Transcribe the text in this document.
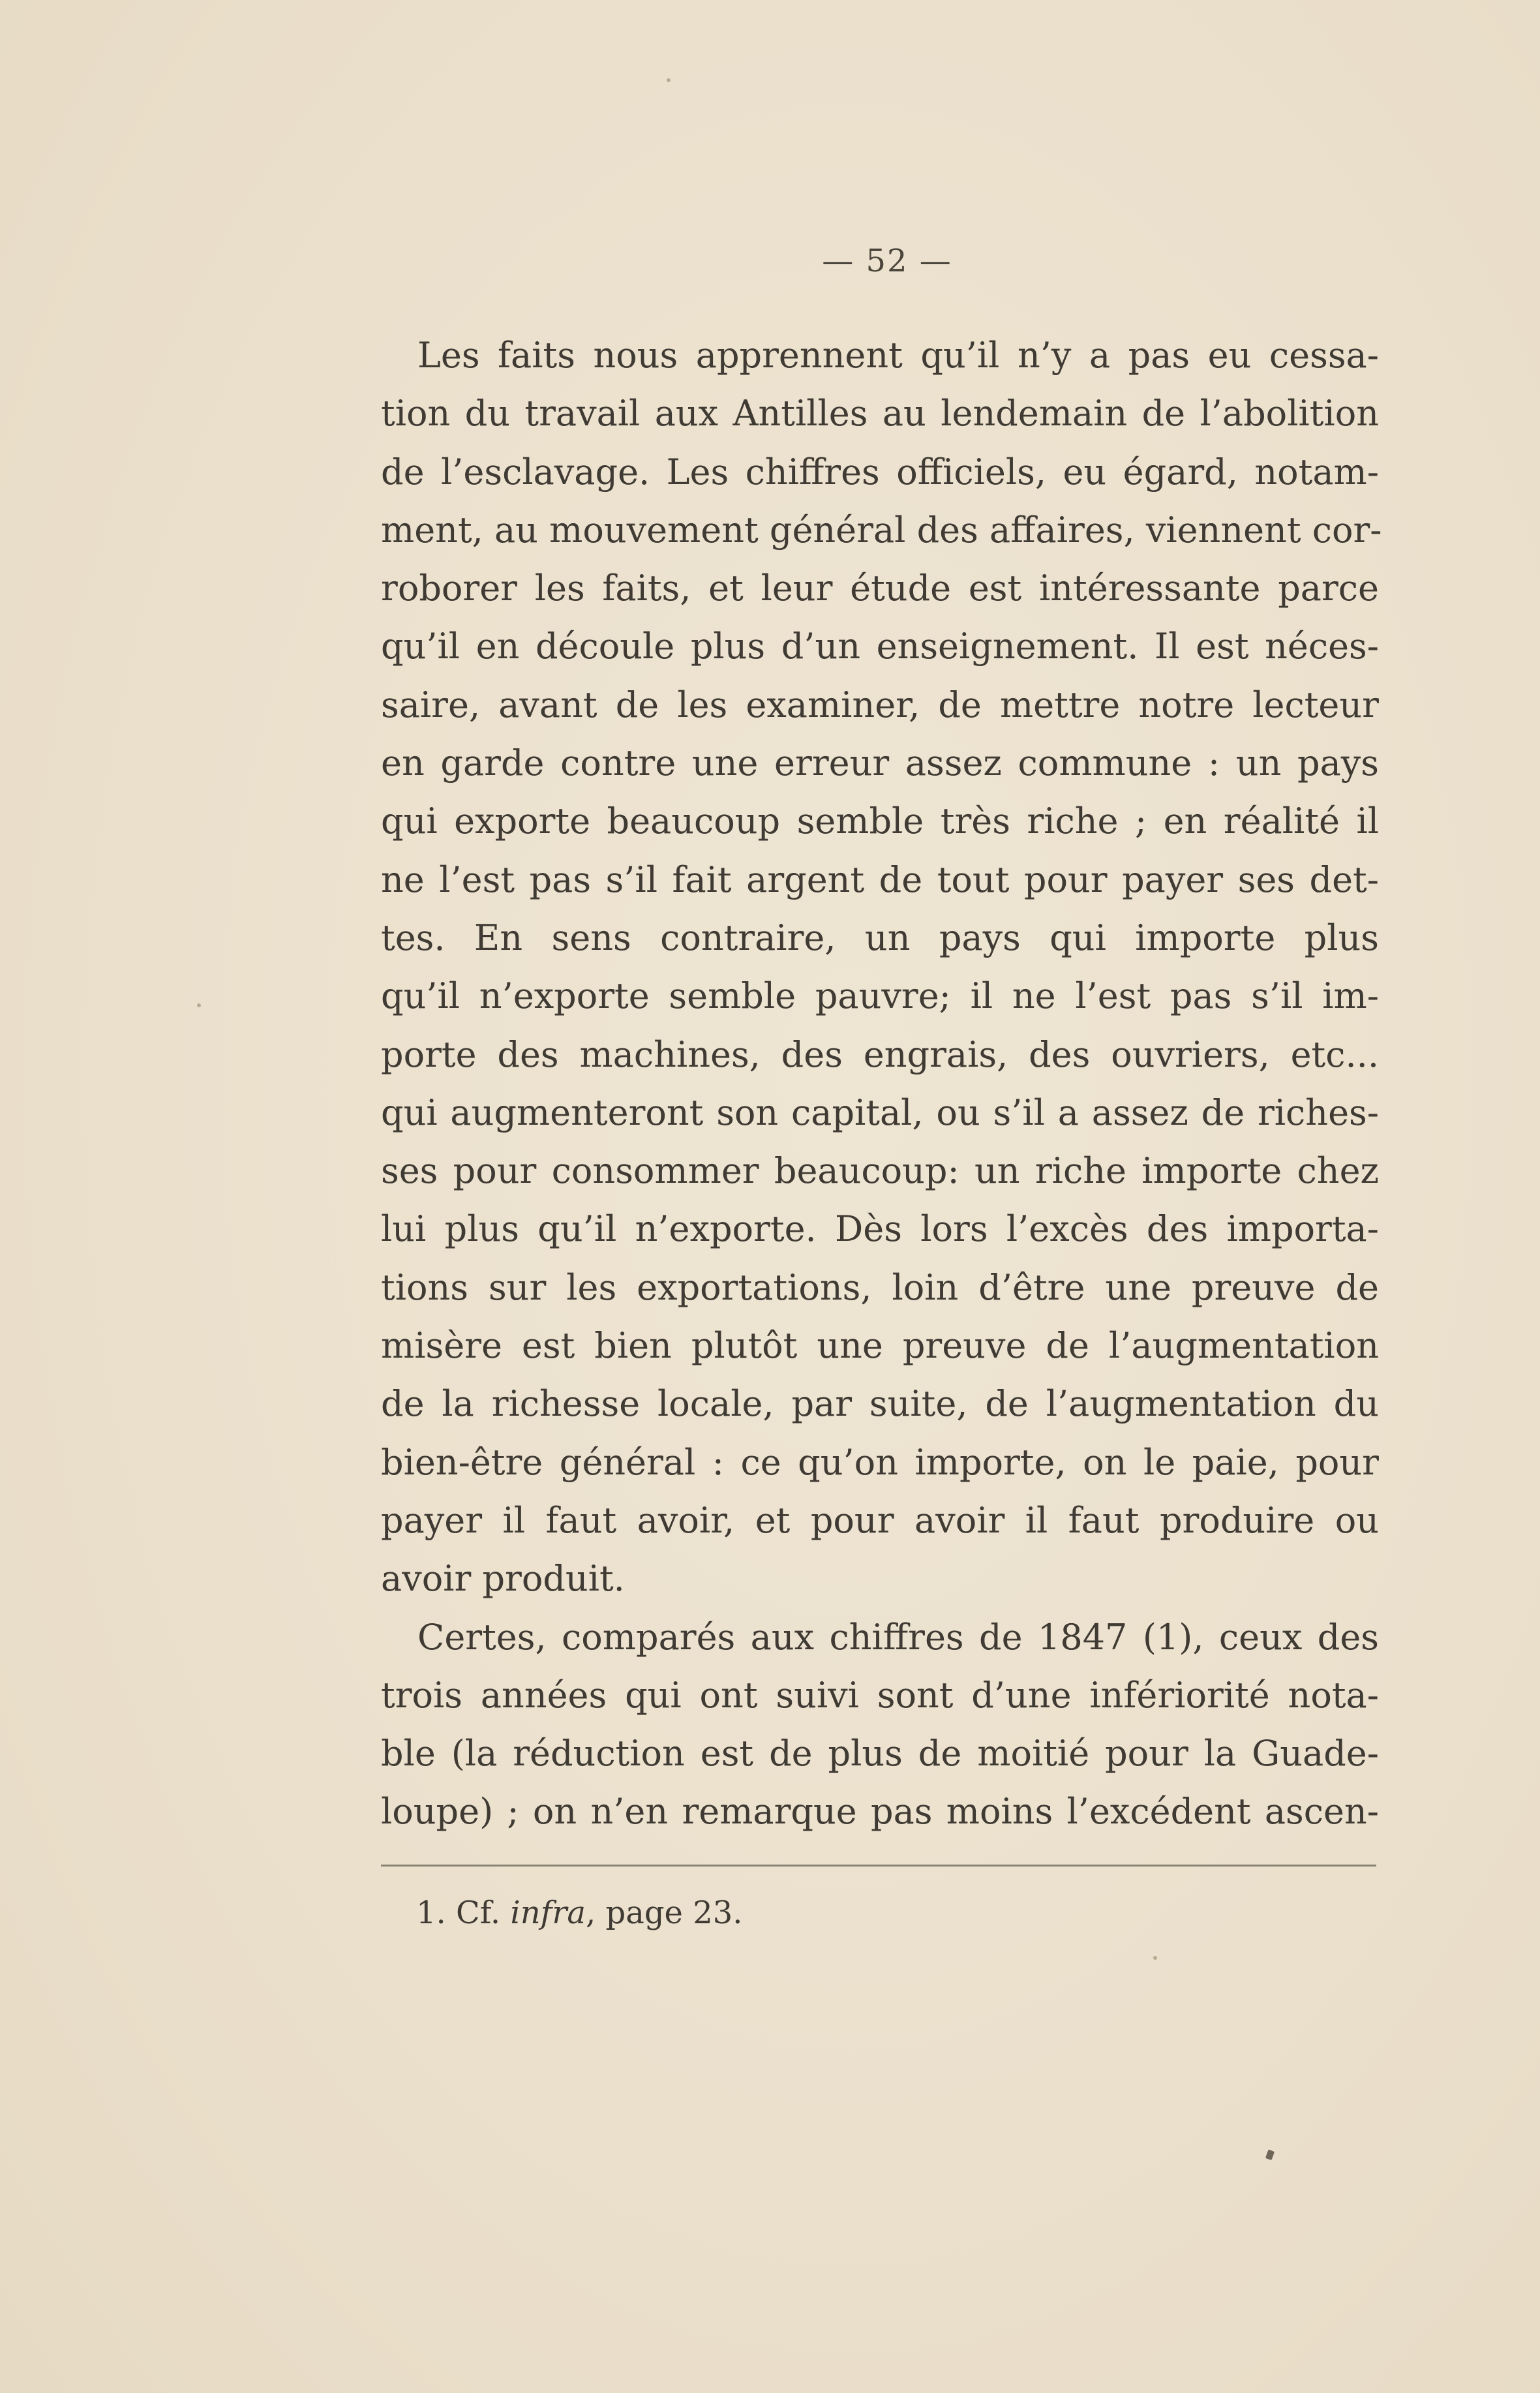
— 52 —
Les faits nous apprennent qu’il n’y a pas eu cessa-
tion du travail aux Antilles au lendemain de l’abolition
de l’esclavage. Les chiffres officiels, eu égard, notam-
ment, au mouvement général des affaires, viennent cor-
roborer les faits, et leur étude est intéressante parce
qu’il en découle plus d’un enseignement. Il est néces-
saire, avant de les examiner, de mettre notre lecteur
en garde contre une erreur assez commune : un pays
qui exporte beaucoup semble très riche ; en réalité il
ne l’est pas s’il fait argent de tout pour payer ses det-
tes. En sens contraire, un pays qui importe plus
qu’il n’exporte semble pauvre; il ne l’est pas s’il im-
porte des machines, des engrais, des ouvriers, etc...
qui augmenteront son capital, ou s’il a assez de riches-
ses pour consommer beaucoup: un riche importe chez
lui plus qu’il n’exporte. Dès lors l’excès des importa-
tions sur les exportations, loin d’être une preuve de
misère est bien plutôt une preuve de l’augmentation
de la richesse locale, par suite, de l’augmentation du
bien-être général : ce qu’on importe, on le paie, pour
payer il faut avoir, et pour avoir il faut produire ou
avoir produit.
Certes, comparés aux chiffres de 1847 (1), ceux des
trois années qui ont suivi sont d’une infériorité nota-
ble (la réduction est de plus de moitié pour la Guade-
loupe) ; on n’en remarque pas moins l’excédent ascen-
1. Cf. infra, page 23.
